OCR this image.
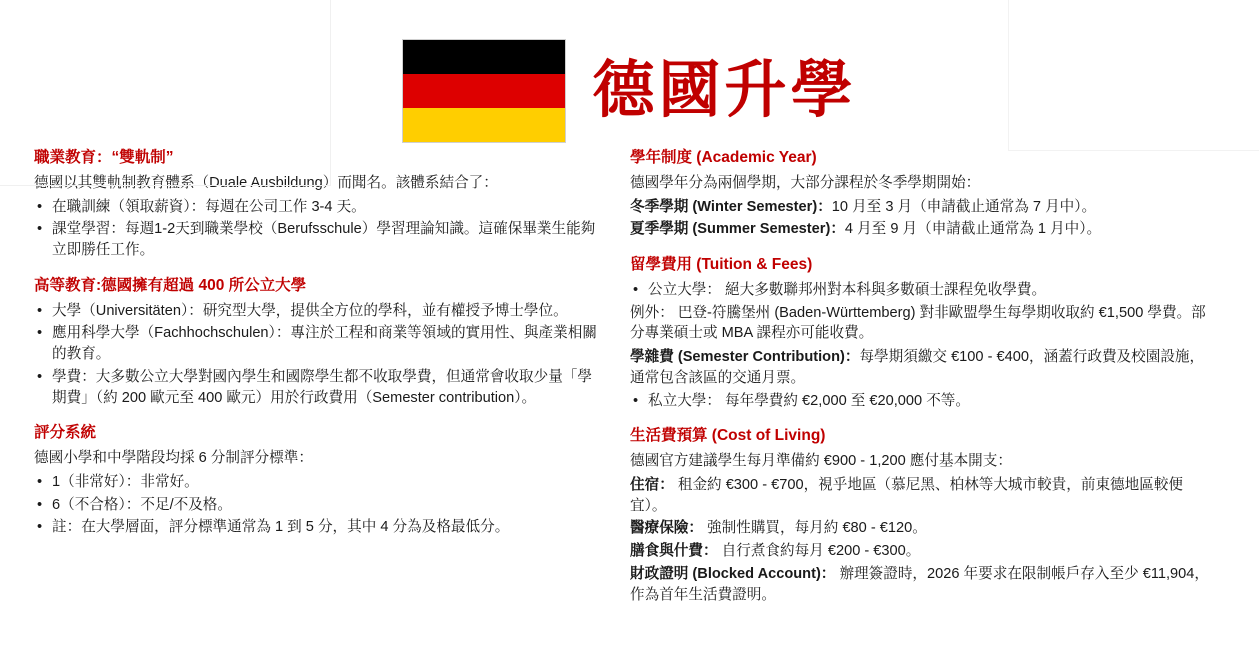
德國升學
職業教育：“雙軌制”

德國以其雙軌制教育體系（Duale Ausbildung）而聞名。該體系結合了：

• 在職訓練（領取薪資）：每週在公司工作 3-4 天。
• 課堂學習：每週1-2天到職業學校（Berufsschule）學習理論知識。這確保畢業生能夠立即勝任工作。
高等教育:德國擁有超過 400 所公立大學
• 大學（Universitäten）：研究型大學，提供全方位的學科，並有權授予博士學位。
• 應用科學大學（Fachhochschulen）：專注於工程和商業等領域的實用性、與產業相關的教育。
• 學費：大多數公立大學對國內學生和國際學生都不收取學費，但通常會收取少量「學期費」（約 200 歐元至 400 歐元）用於行政費用（Semester contribution）。
評分系統

德國小學和中學階段均採 6 分制評分標準：

• 1（非常好）：非常好。
• 6（不合格）：不足/不及格。
• 註：在大學層面，評分標準通常為 1 到 5 分，其中 4 分為及格最低分。
學年制度 (Academic Year)

德國學年分為兩個學期，大部分課程於冬季學期開始：

冬季學期 (Winter Semester)：10 月至 3 月（申請截止通常為 7 月中）。

夏季學期 (Summer Semester)：4 月至 9 月（申請截止通常為 1 月中）。

留學費用 (Tuition & Fees)
• 公立大學： 絕大多數聯邦州對本科與多數碩士課程免收學費。

例外： 巴登-符騰堡州 (Baden-Württemberg) 對非歐盟學生每學期收取約 €1,500 學費。部分專業碩士或 MBA 課程亦可能收費。

學雜費 (Semester Contribution)：每學期須繳交 €100 - €400，涵蓋行政費及校園設施，通常包含該區的交通月票。

• 私立大學： 每年學費約 €2,000 至 €20,000 不等。
生活費預算 (Cost of Living)

德國官方建議學生每月準備約 €900 - 1,200 應付基本開支：

住宿： 租金約 €300 - €700，視乎地區（慕尼黑、柏林等大城市較貴，前東德地區較便宜）。

醫療保險： 強制性購買，每月約 €80 - €120。

膳食與什費： 自行煮食約每月 €200 - €300。

財政證明 (Blocked Account)： 辦理簽證時，2026 年要求在限制帳戶存入至少 €11,904，作為首年生活費證明。
